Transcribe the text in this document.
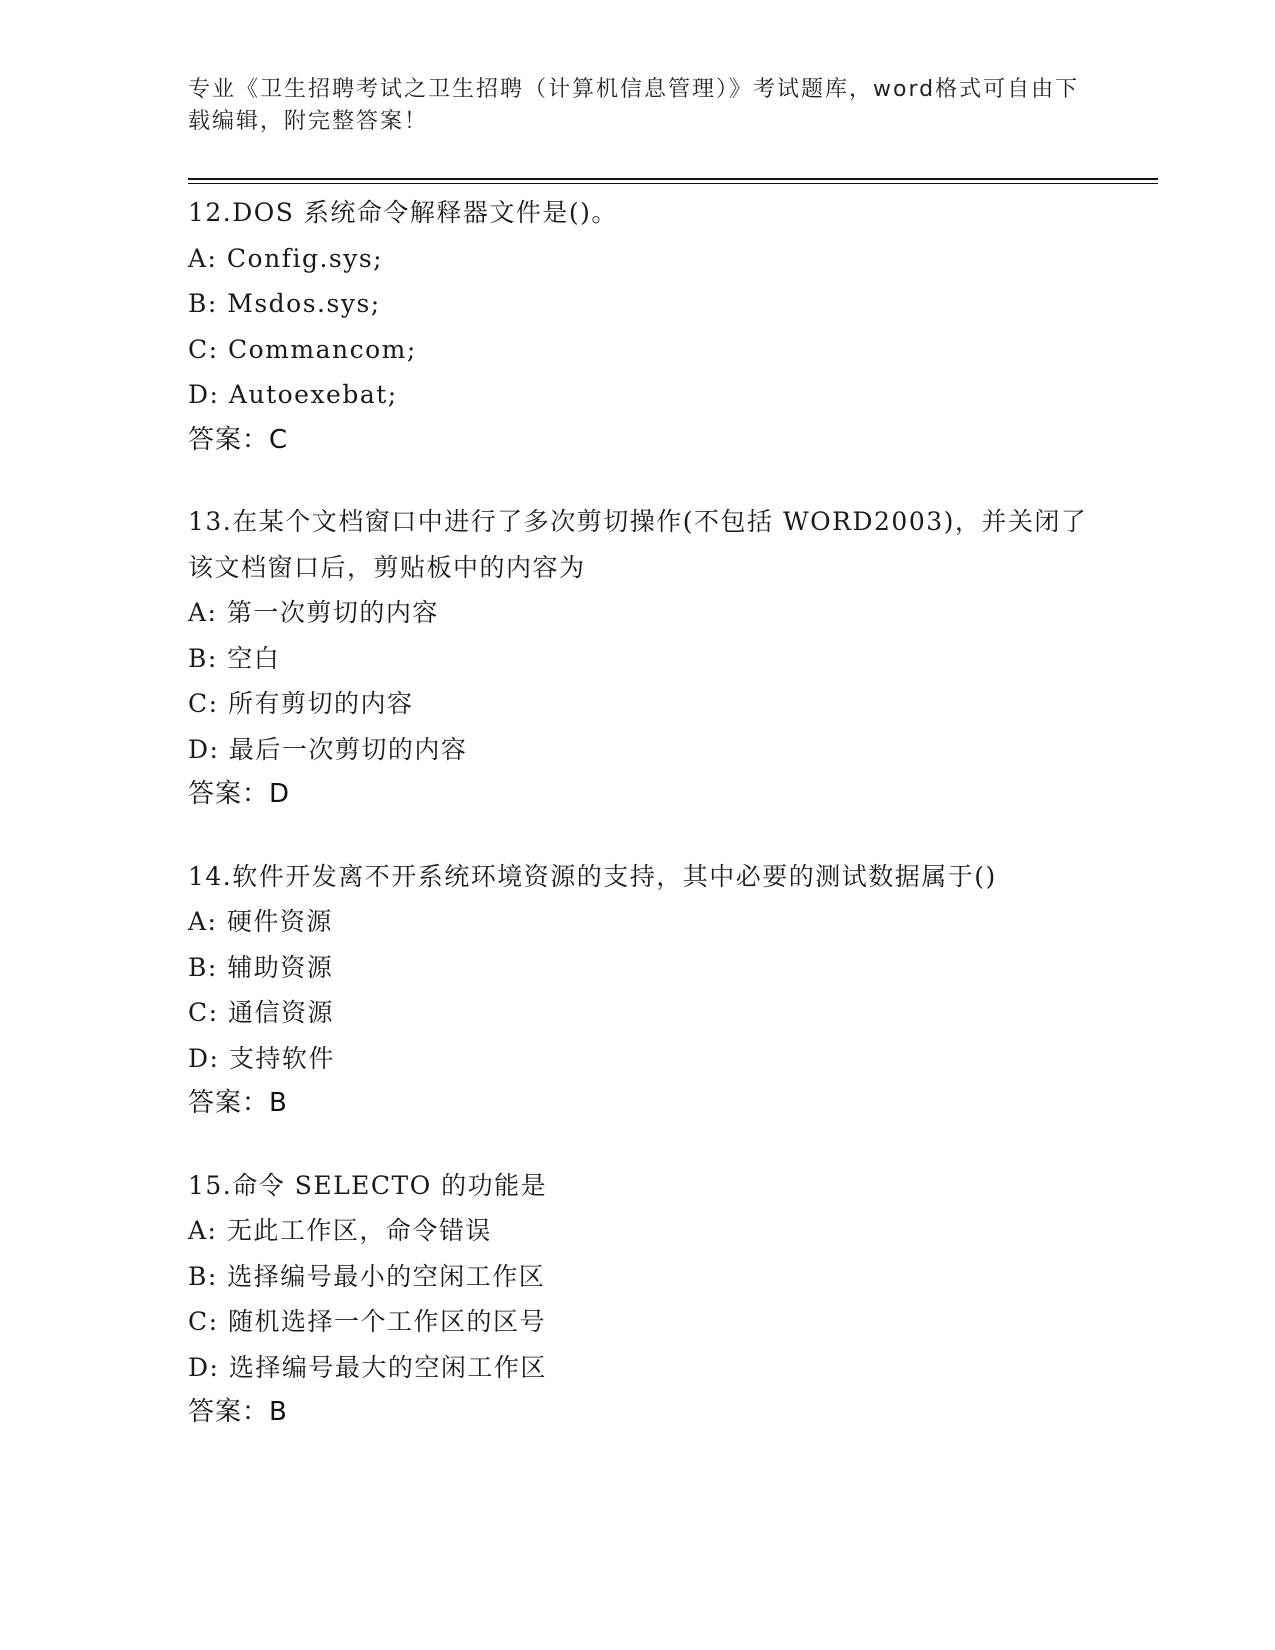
专业《卫生招聘考试之卫生招聘（计算机信息管理）》考试题库，word格式可自由下载编辑，附完整答案！
12.DOS 系统命令解释器文件是()。
A: Config.sys;
B: Msdos.sys;
C: Commancom;
D: Autoexebat;
答案：C
13.在某个文档窗口中进行了多次剪切操作(不包括 WORD2003)，并关闭了该文档窗口后，剪贴板中的内容为
A: 第一次剪切的内容
B: 空白
C: 所有剪切的内容
D: 最后一次剪切的内容
答案：D
14.软件开发离不开系统环境资源的支持，其中必要的测试数据属于()
A: 硬件资源
B: 辅助资源
C: 通信资源
D: 支持软件
答案：B
15.命令 SELECTO 的功能是
A: 无此工作区，命令错误
B: 选择编号最小的空闲工作区
C: 随机选择一个工作区的区号
D: 选择编号最大的空闲工作区
答案：B
